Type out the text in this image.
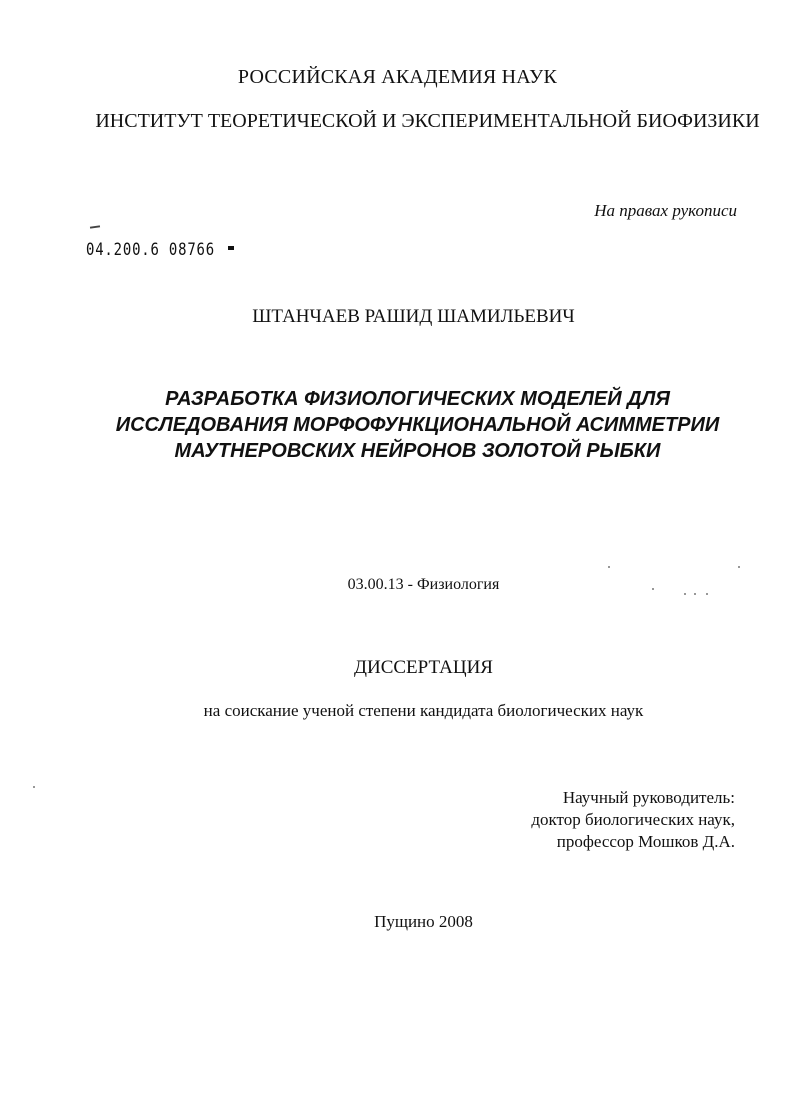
РОССИЙСКАЯ АКАДЕМИЯ НАУК
ИНСТИТУТ ТЕОРЕТИЧЕСКОЙ И ЭКСПЕРИМЕНТАЛЬНОЙ БИОФИЗИКИ
На правах рукописи
04.200.6 08766
ШТАНЧАЕВ РАШИД ШАМИЛЬЕВИЧ
РАЗРАБОТКА ФИЗИОЛОГИЧЕСКИХ МОДЕЛЕЙ ДЛЯ
ИССЛЕДОВАНИЯ МОРФОФУНКЦИОНАЛЬНОЙ АСИММЕТРИИ
МАУТНЕРОВСКИХ НЕЙРОНОВ ЗОЛОТОЙ РЫБКИ
03.00.13 - Физиология
ДИССЕРТАЦИЯ
на соискание ученой степени кандидата биологических наук
Научный руководитель:
доктор биологических наук,
профессор Мошков Д.А.
Пущино 2008
